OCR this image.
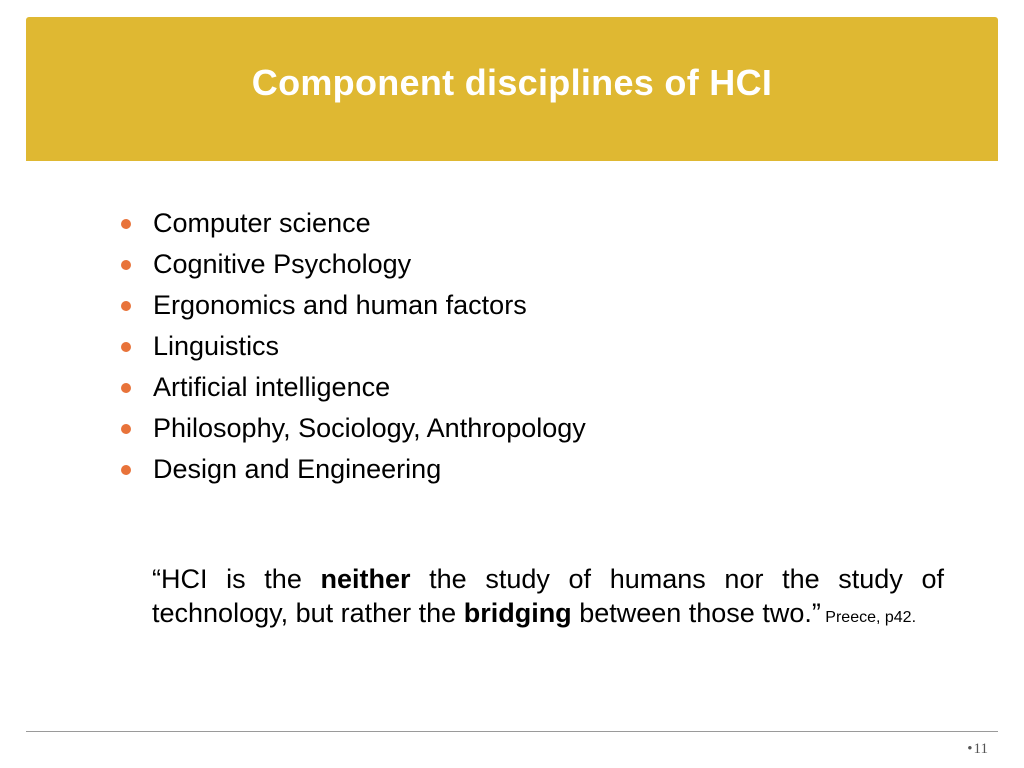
Component disciplines of HCI
Computer science
Cognitive Psychology
Ergonomics and human factors
Linguistics
Artificial intelligence
Philosophy, Sociology, Anthropology
Design and Engineering

“HCI is the neither the study of humans nor the study of technology, but rather the bridging between those two.” Preece, p42.

•11
